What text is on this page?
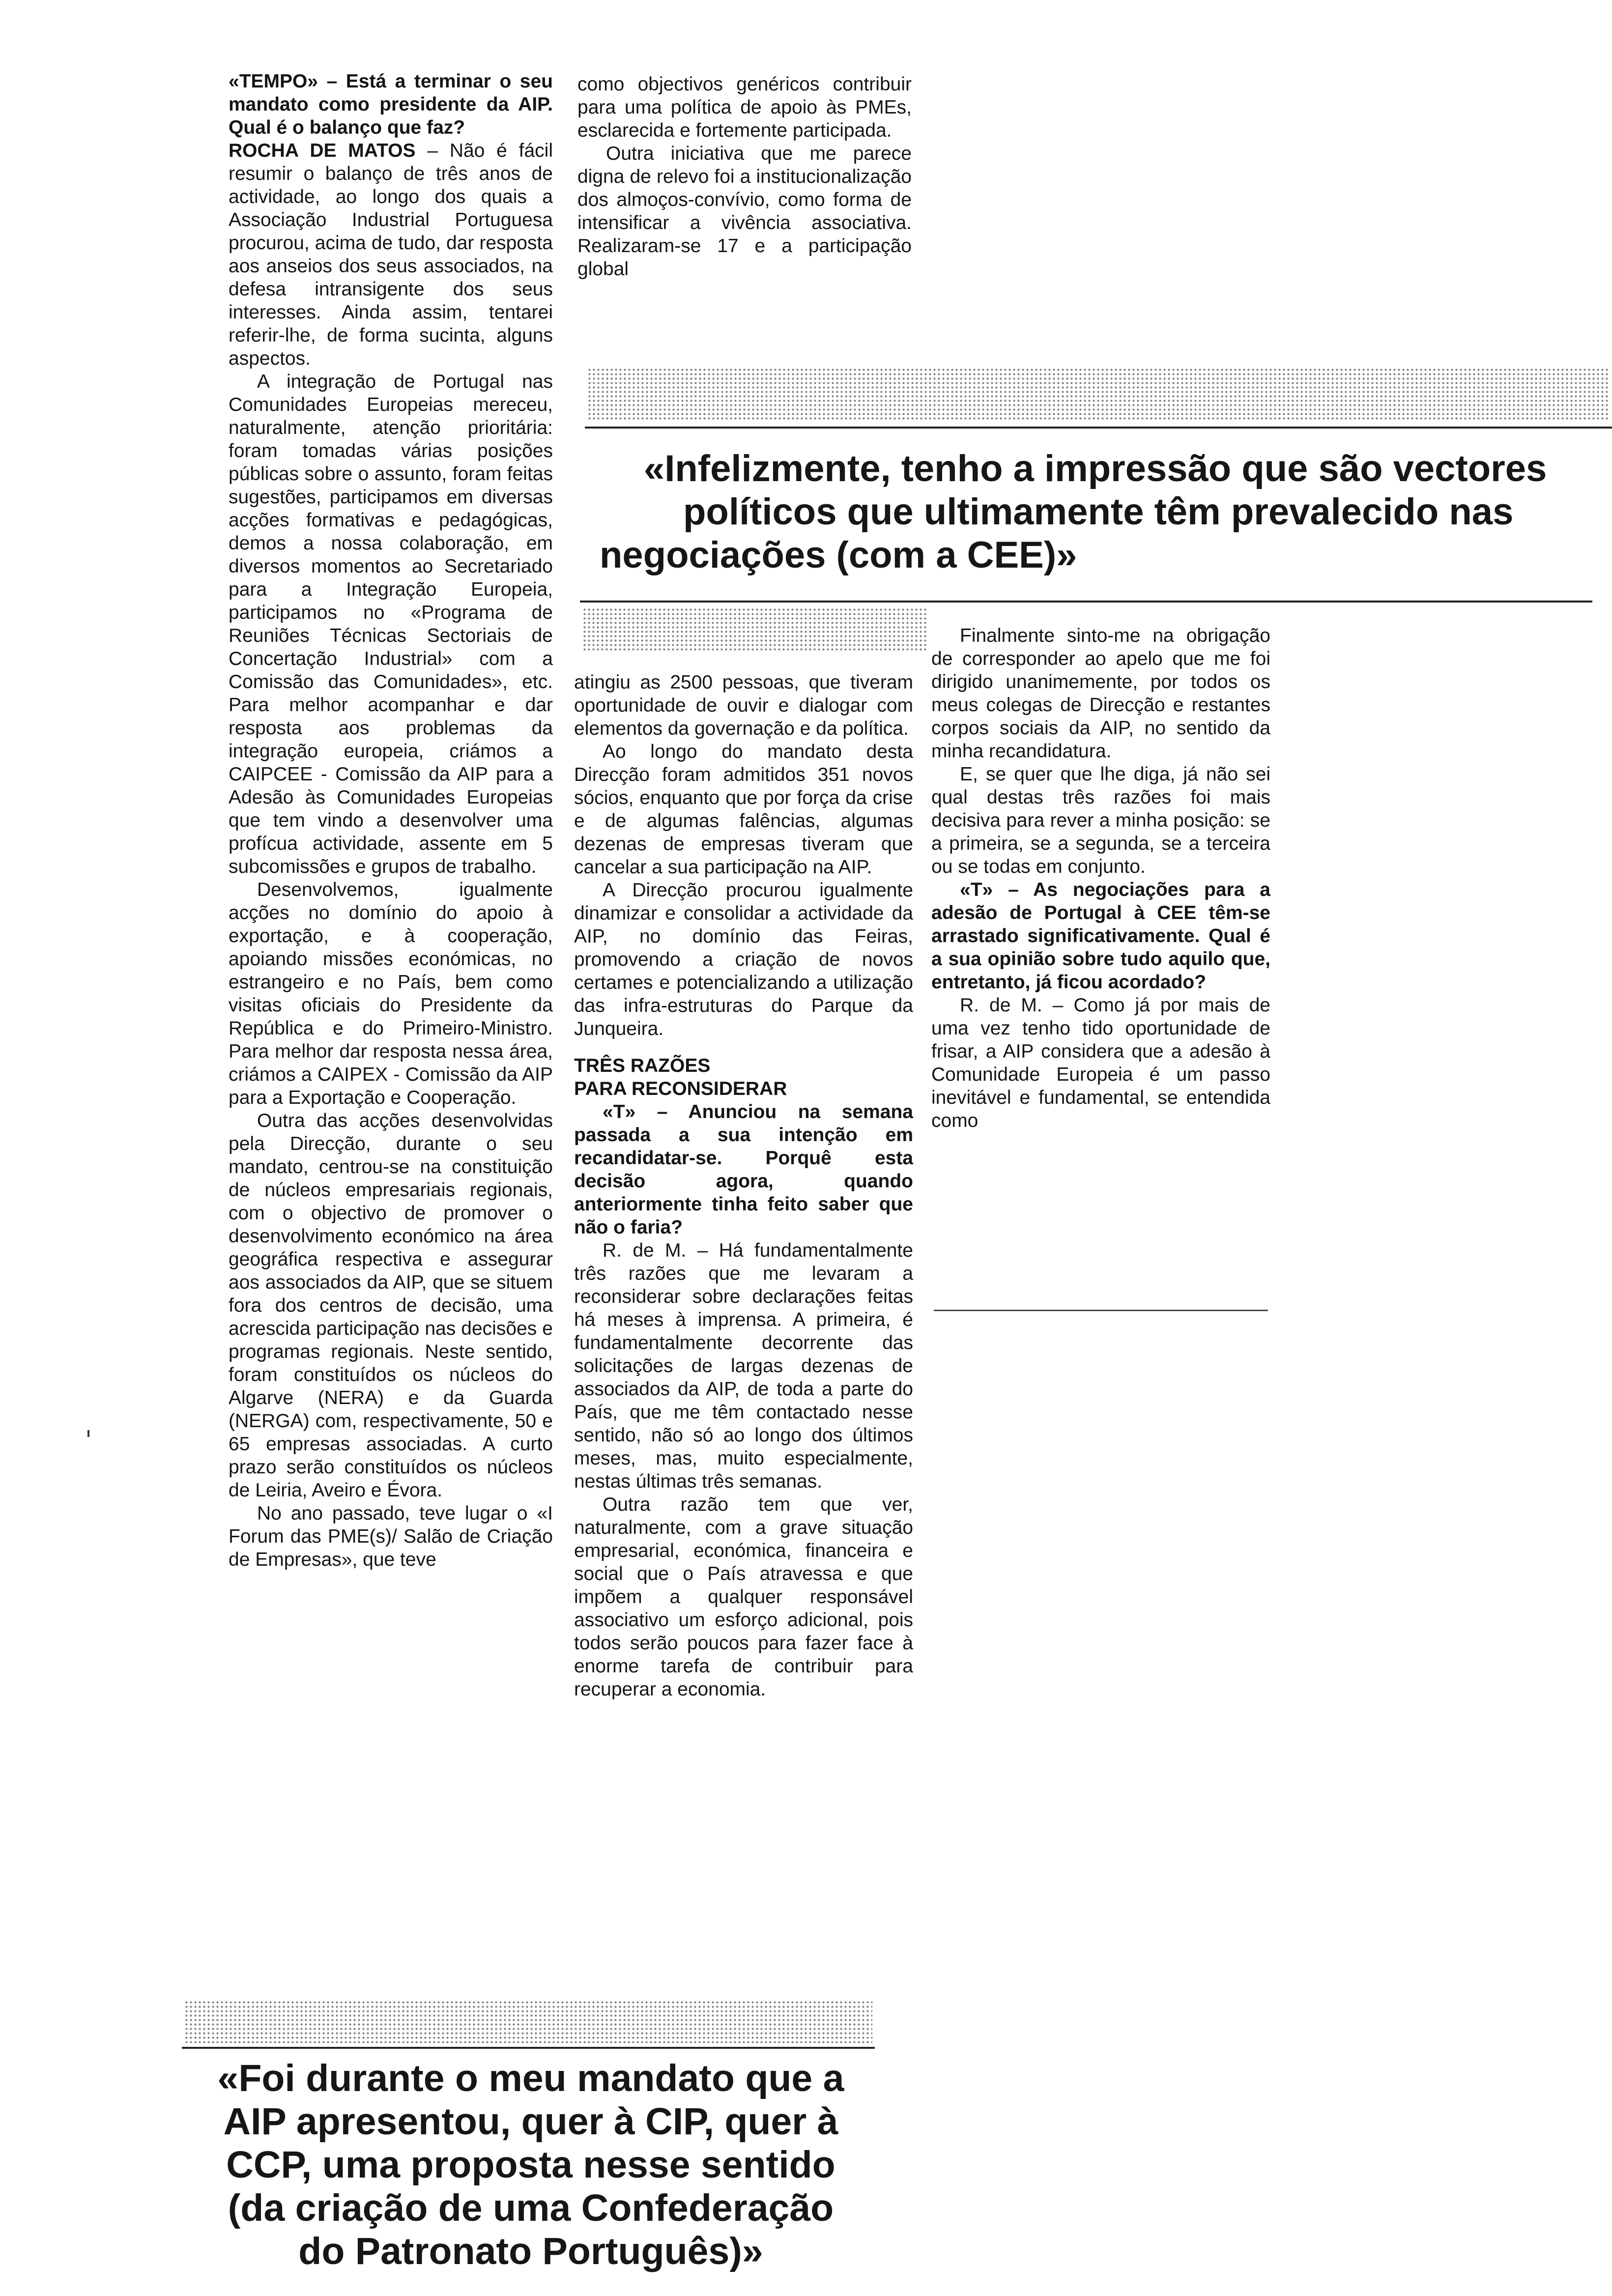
«TEMPO» – Está a terminar o seu mandato como presidente da AIP. Qual é o balanço que faz?

ROCHA DE MATOS – Não é fácil resumir o balanço de três anos de actividade, ao longo dos quais a Associação Industrial Portuguesa procurou, acima de tudo, dar resposta aos anseios dos seus associados, na defesa intransigente dos seus interesses. Ainda assim, tentarei referir-lhe, de forma sucinta, alguns aspectos.

A integração de Portugal nas Comunidades Europeias mereceu, naturalmente, atenção prioritária: foram tomadas várias posições públicas sobre o assunto, foram feitas sugestões, participamos em diversas acções formativas e pedagógicas, demos a nossa colaboração, em diversos momentos ao Secretariado para a Integração Europeia, participamos no «Programa de Reuniões Técnicas Sectoriais de Concertação Industrial» com a Comissão das Comunidades», etc. Para melhor acompanhar e dar resposta aos problemas da integração europeia, criámos a CAIPCEE - Comissão da AIP para a Adesão às Comunidades Europeias que tem vindo a desenvolver uma profícua actividade, assente em 5 subcomissões e grupos de trabalho.

Desenvolvemos, igualmente acções no domínio do apoio à exportação, e à cooperação, apoiando missões económicas, no estrangeiro e no País, bem como visitas oficiais do Presidente da República e do Primeiro-Ministro. Para melhor dar resposta nessa área, criámos a CAIPEX - Comissão da AIP para a Exportação e Cooperação.

Outra das acções desenvolvidas pela Direcção, durante o seu mandato, centrou-se na constituição de núcleos empresariais regionais, com o objectivo de promover o desenvolvimento económico na área geográfica respectiva e assegurar aos associados da AIP, que se situem fora dos centros de decisão, uma acrescida participação nas decisões e programas regionais. Neste sentido, foram constituídos os núcleos do Algarve (NERA) e da Guarda (NERGA) com, respectivamente, 50 e 65 empresas associadas. A curto prazo serão constituídos os núcleos de Leiria, Aveiro e Évora.

No ano passado, teve lugar o «I Forum das PME(s)/ Salão de Criação de Empresas», que teve

como objectivos genéricos contribuir para uma política de apoio às PMEs, esclarecida e fortemente participada.

Outra iniciativa que me parece digna de relevo foi a institucionalização dos almoços-convívio, como forma de intensificar a vivência associativa. Realizaram-se 17 e a participação global

«Infelizmente, tenho a impressão que são vectores
políticos que ultimamente têm prevalecido nas
negociações (com a CEE)»

atingiu as 2500 pessoas, que tiveram oportunidade de ouvir e dialogar com elementos da governação e da política.

Ao longo do mandato desta Direcção foram admitidos 351 novos sócios, enquanto que por força da crise e de algumas falências, algumas dezenas de empresas tiveram que cancelar a sua participação na AIP.

A Direcção procurou igualmente dinamizar e consolidar a actividade da AIP, no domínio das Feiras, promovendo a criação de novos certames e potencializando a utilização das infra-estruturas do Parque da Junqueira.

TRÊS RAZÕES
PARA RECONSIDERAR

«T» – Anunciou na semana passada a sua intenção em recandidatar-se. Porquê esta decisão agora, quando anteriormente tinha feito saber que não o faria?

R. de M. – Há fundamentalmente três razões que me levaram a reconsiderar sobre declarações feitas há meses à imprensa. A primeira, é fundamentalmente decorrente das solicitações de largas dezenas de associados da AIP, de toda a parte do País, que me têm contactado nesse sentido, não só ao longo dos últimos meses, mas, muito especialmente, nestas últimas três semanas.

Outra razão tem que ver, naturalmente, com a grave situação empresarial, económica, financeira e social que o País atravessa e que impõem a qualquer responsável associativo um esforço adicional, pois todos serão poucos para fazer face à enorme tarefa de contribuir para recuperar a economia.

Finalmente sinto-me na obrigação de corresponder ao apelo que me foi dirigido unanimemente, por todos os meus colegas de Direcção e restantes corpos sociais da AIP, no sentido da minha recandidatura.

E, se quer que lhe diga, já não sei qual destas três razões foi mais decisiva para rever a minha posição: se a primeira, se a segunda, se a terceira ou se todas em conjunto.

«T» – As negociações para a adesão de Portugal à CEE têm-se arrastado significativamente. Qual é a sua opinião sobre tudo aquilo que, entretanto, já ficou acordado?

R. de M. – Como já por mais de uma vez tenho tido oportunidade de frisar, a AIP considera que a adesão à Comunidade Europeia é um passo inevitável e fundamental, se entendida como

«Foi durante o meu mandato que a
AIP apresentou, quer à CIP, quer à
CCP, uma proposta nesse sentido
(da criação de uma Confederação
do Patronato Português)»
